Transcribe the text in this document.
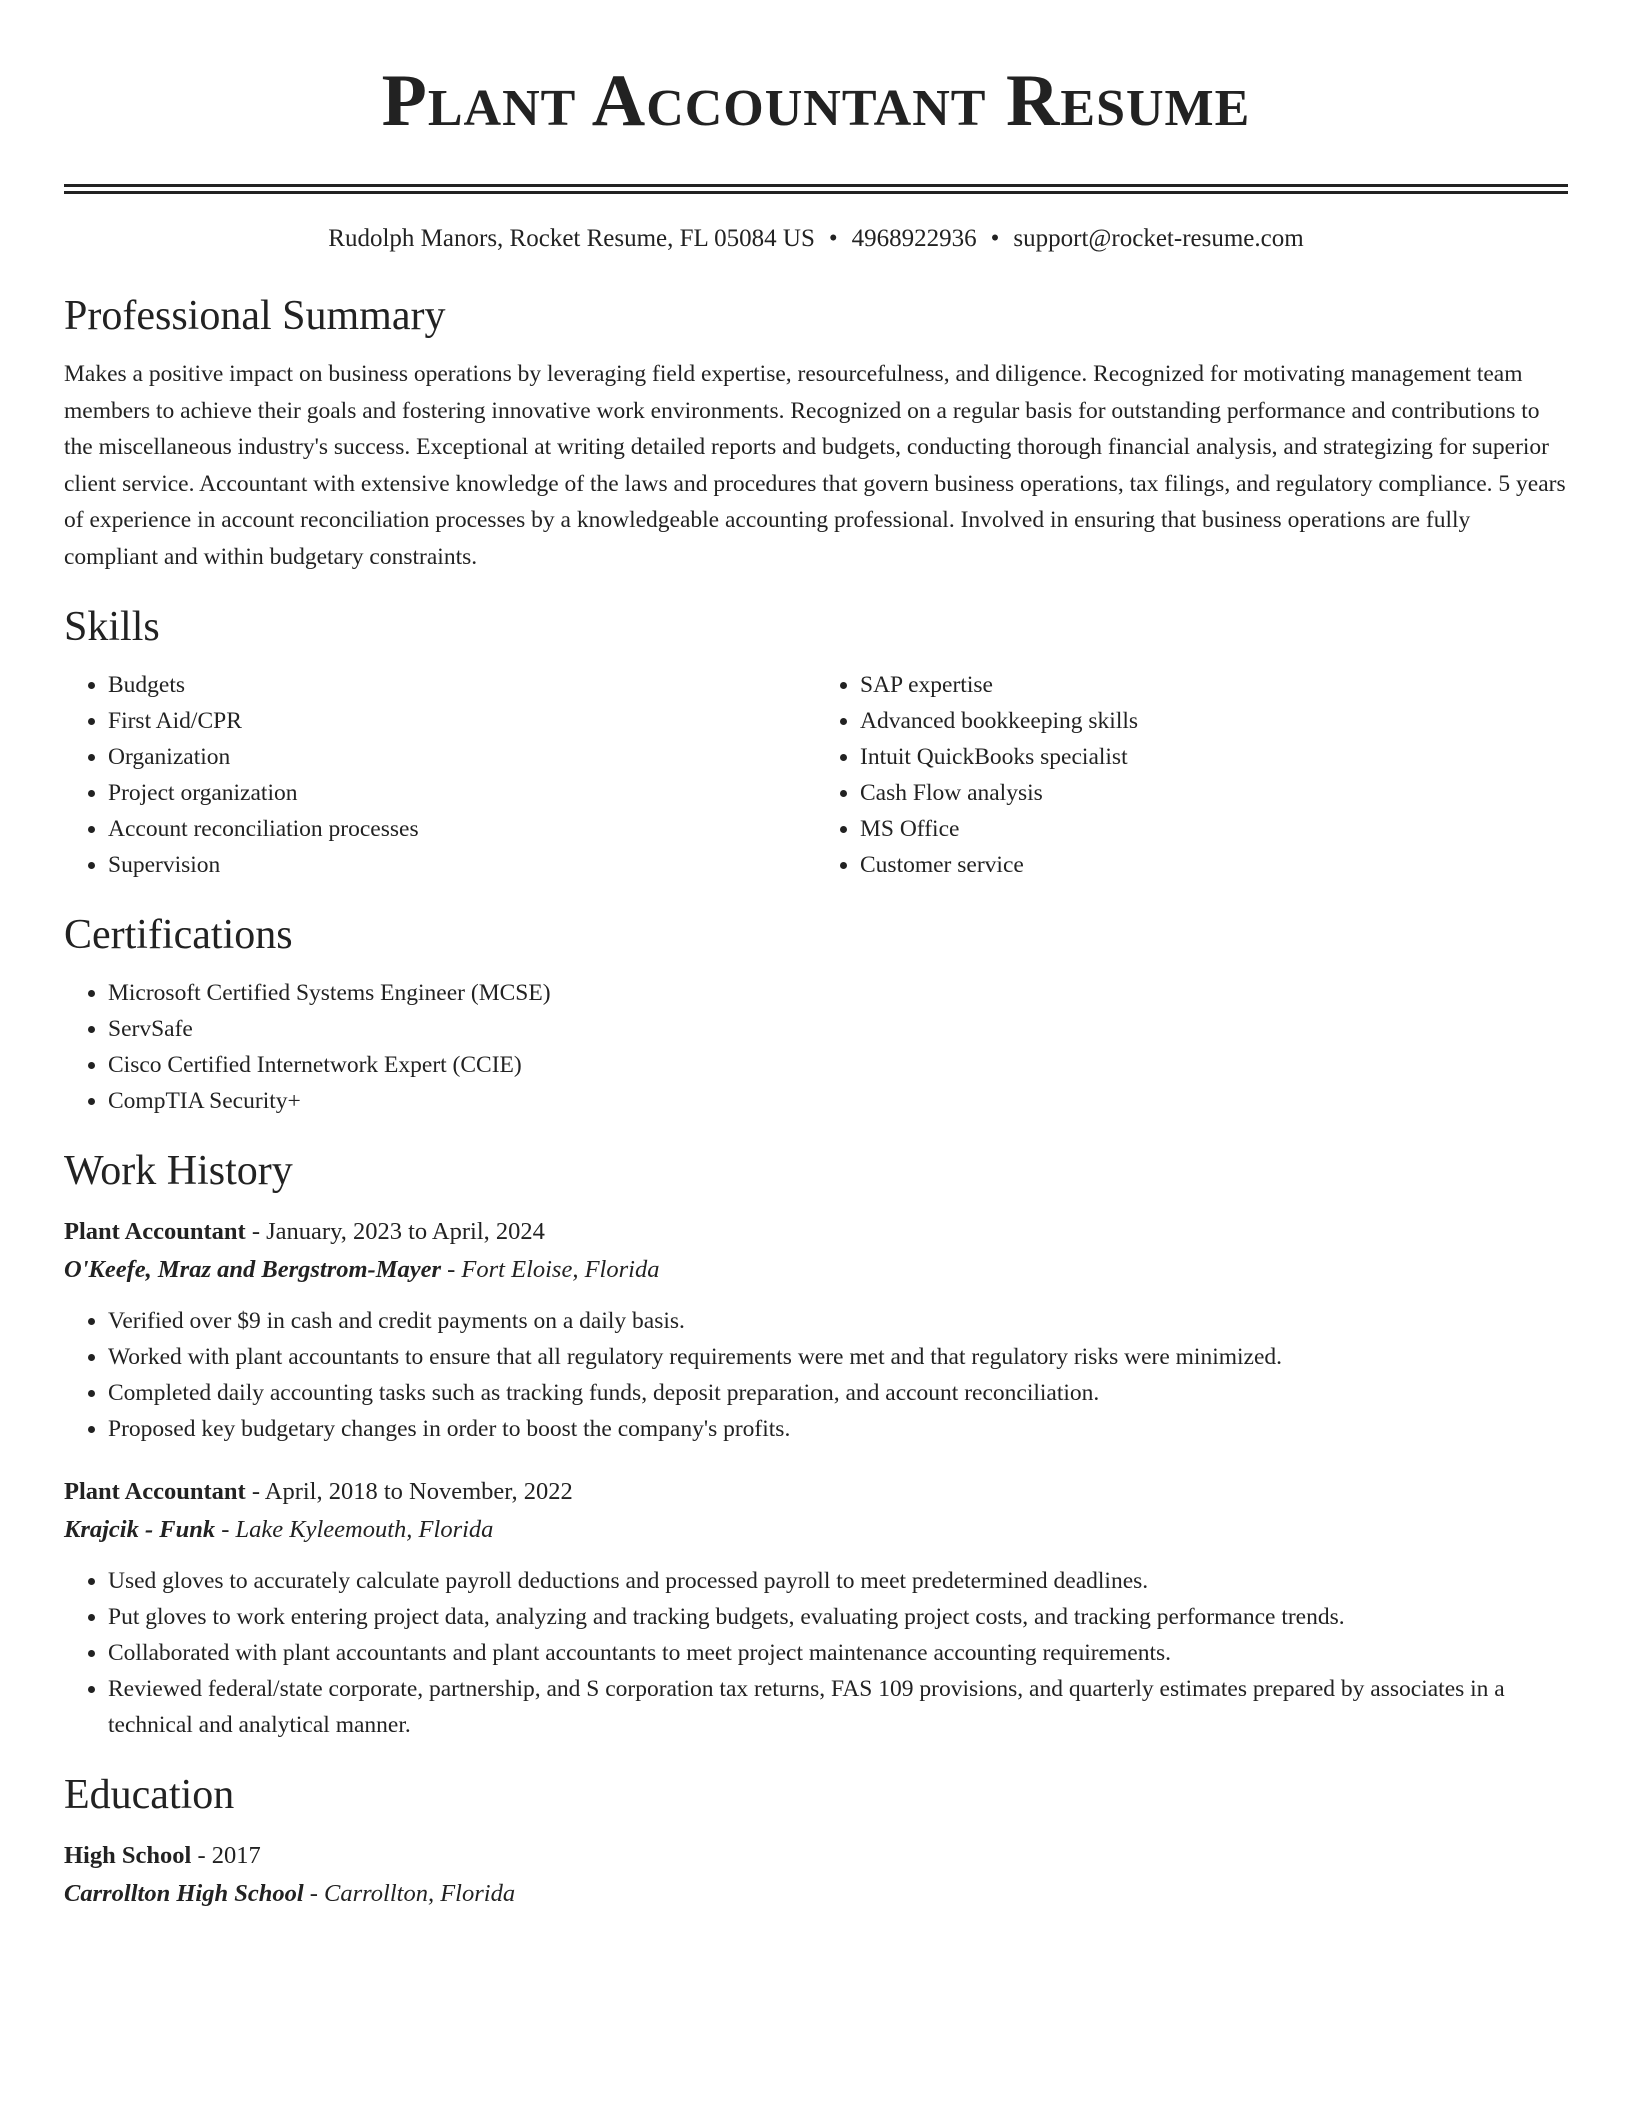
Plant Accountant Resume
Rudolph Manors, Rocket Resume, FL 05084 US • 4968922936 • support@rocket-resume.com
Professional Summary

Makes a positive impact on business operations by leveraging field expertise, resourcefulness, and diligence. Recognized for motivating management team members to achieve their goals and fostering innovative work environments. Recognized on a regular basis for outstanding performance and contributions to the miscellaneous industry's success. Exceptional at writing detailed reports and budgets, conducting thorough financial analysis, and strategizing for superior client service. Accountant with extensive knowledge of the laws and procedures that govern business operations, tax filings, and regulatory compliance. 5 years of experience in account reconciliation processes by a knowledgeable accounting professional. Involved in ensuring that business operations are fully compliant and within budgetary constraints.

Skills
• Budgets
• First Aid/CPR
• Organization
• Project organization
• Account reconciliation processes
• Supervision
• SAP expertise
• Advanced bookkeeping skills
• Intuit QuickBooks specialist
• Cash Flow analysis
• MS Office
• Customer service
Certifications
• Microsoft Certified Systems Engineer (MCSE)
• ServSafe
• Cisco Certified Internetwork Expert (CCIE)
• CompTIA Security+
Work History
Plant Accountant - January, 2023 to April, 2024
O'Keefe, Mraz and Bergstrom-Mayer - Fort Eloise, Florida
• Verified over $9 in cash and credit payments on a daily basis.
• Worked with plant accountants to ensure that all regulatory requirements were met and that regulatory risks were minimized.
• Completed daily accounting tasks such as tracking funds, deposit preparation, and account reconciliation.
• Proposed key budgetary changes in order to boost the company's profits.
Plant Accountant - April, 2018 to November, 2022
Krajcik - Funk - Lake Kyleemouth, Florida
• Used gloves to accurately calculate payroll deductions and processed payroll to meet predetermined deadlines.
• Put gloves to work entering project data, analyzing and tracking budgets, evaluating project costs, and tracking performance trends.
• Collaborated with plant accountants and plant accountants to meet project maintenance accounting requirements.
• Reviewed federal/state corporate, partnership, and S corporation tax returns, FAS 109 provisions, and quarterly estimates prepared by associates in a technical and analytical manner.
Education
High School - 2017
Carrollton High School - Carrollton, Florida
